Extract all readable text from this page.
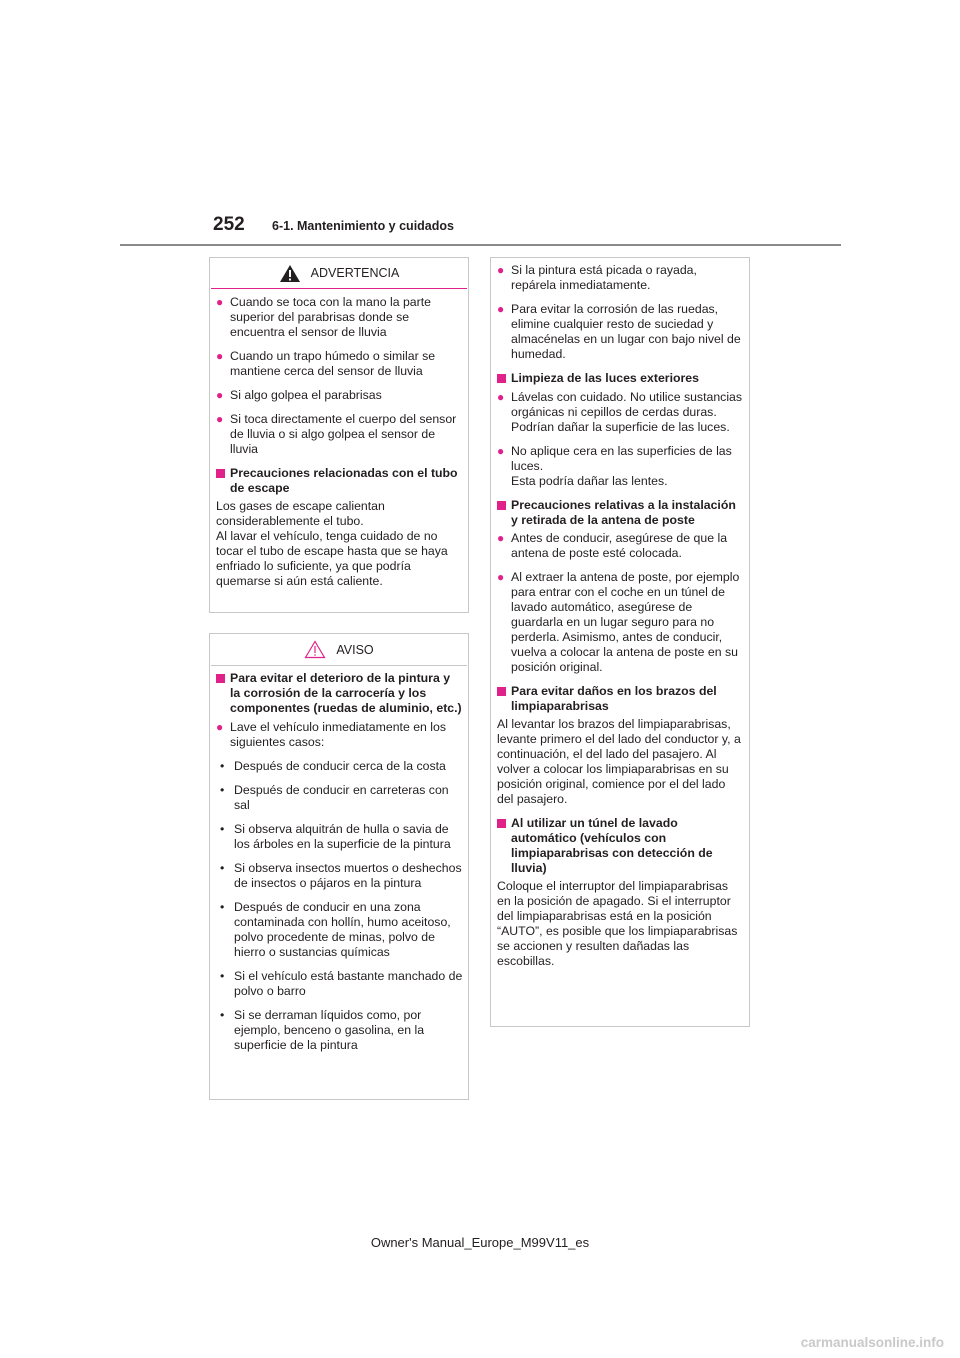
252 6-1. Mantenimiento y cuidados
ADVERTENCIA
● Cuando se toca con la mano la parte superior del parabrisas donde se encuentra el sensor de lluvia
● Cuando un trapo húmedo o similar se mantiene cerca del sensor de lluvia
● Si algo golpea el parabrisas
● Si toca directamente el cuerpo del sensor de lluvia o si algo golpea el sensor de lluvia
Precauciones relacionadas con el tubo de escape
Los gases de escape calientan considerablemente el tubo.
Al lavar el vehículo, tenga cuidado de no tocar el tubo de escape hasta que se haya enfriado lo suficiente, ya que podría quemarse si aún está caliente.
AVISO
Para evitar el deterioro de la pintura y la corrosión de la carrocería y los componentes (ruedas de aluminio, etc.)
● Lave el vehículo inmediatamente en los siguientes casos:
• Después de conducir cerca de la costa
• Después de conducir en carreteras con sal
• Si observa alquitrán de hulla o savia de los árboles en la superficie de la pintura
• Si observa insectos muertos o deshechos de insectos o pájaros en la pintura
• Después de conducir en una zona contaminada con hollín, humo aceitoso, polvo procedente de minas, polvo de hierro o sustancias químicas
• Si el vehículo está bastante manchado de polvo o barro
• Si se derraman líquidos como, por ejemplo, benceno o gasolina, en la superficie de la pintura
● Si la pintura está picada o rayada, repárela inmediatamente.
● Para evitar la corrosión de las ruedas, elimine cualquier resto de suciedad y almacénelas en un lugar con bajo nivel de humedad.
Limpieza de las luces exteriores
● Lávelas con cuidado. No utilice sustancias orgánicas ni cepillos de cerdas duras.
Podrían dañar la superficie de las luces.
● No aplique cera en las superficies de las luces.
Esta podría dañar las lentes.
Precauciones relativas a la instalación y retirada de la antena de poste
● Antes de conducir, asegúrese de que la antena de poste esté colocada.
● Al extraer la antena de poste, por ejemplo para entrar con el coche en un túnel de lavado automático, asegúrese de guardarla en un lugar seguro para no perderla. Asimismo, antes de conducir, vuelva a colocar la antena de poste en su posición original.
Para evitar daños en los brazos del limpiaparabrisas
Al levantar los brazos del limpiaparabrisas, levante primero el del lado del conductor y, a continuación, el del lado del pasajero. Al volver a colocar los limpiaparabrisas en su posición original, comience por el del lado del pasajero.
Al utilizar un túnel de lavado automático (vehículos con limpiaparabrisas con detección de lluvia)
Coloque el interruptor del limpiaparabrisas en la posición de apagado. Si el interruptor del limpiaparabrisas está en la posición “AUTO”, es posible que los limpiaparabrisas se accionen y resulten dañadas las escobillas.
Owner's Manual_Europe_M99V11_es
carmanualsonline.info
